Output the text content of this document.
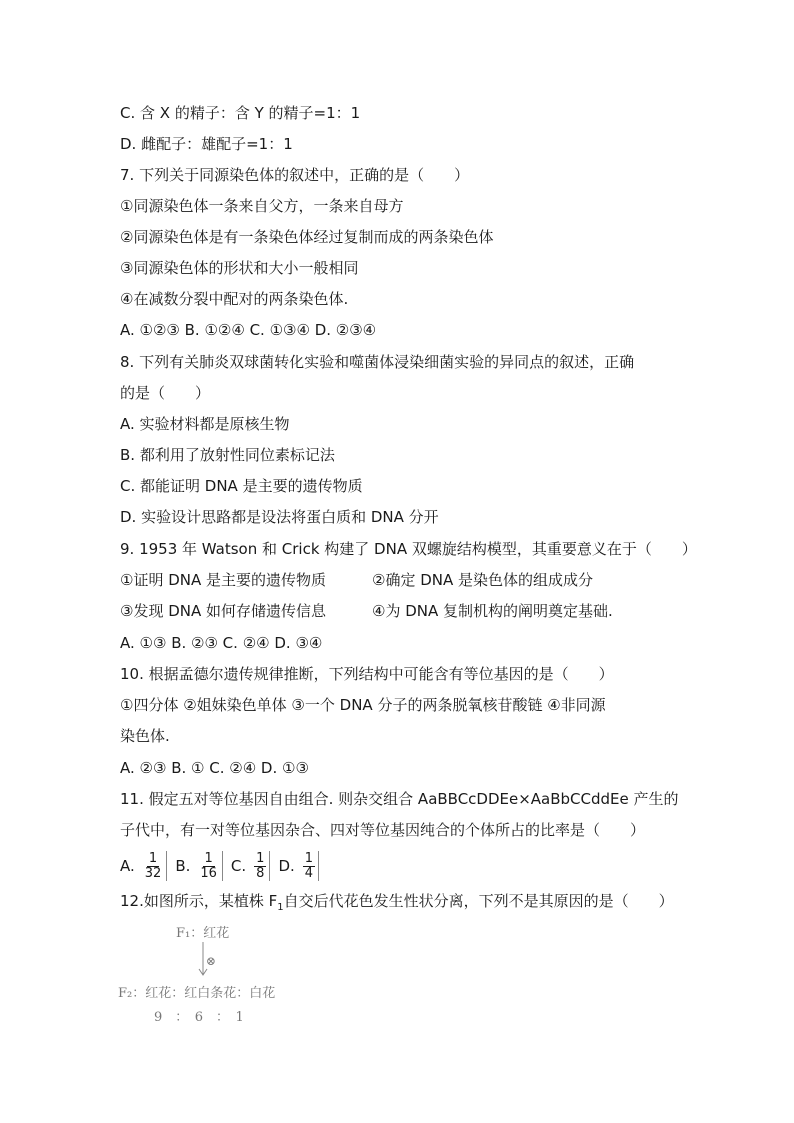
C. 含 X 的精子：含 Y 的精子=1：1
D. 雌配子：雄配子=1：1
7. 下列关于同源染色体的叙述中，正确的是（　　）
①同源染色体一条来自父方，一条来自母方
②同源染色体是有一条染色体经过复制而成的两条染色体
③同源染色体的形状和大小一般相同
④在减数分裂中配对的两条染色体.
A. ①②③ B. ①②④ C. ①③④ D. ②③④
8. 下列有关肺炎双球菌转化实验和噬菌体浸染细菌实验的异同点的叙述，正确
的是（　　）
A. 实验材料都是原核生物
B. 都利用了放射性同位素标记法
C. 都能证明 DNA 是主要的遗传物质
D. 实验设计思路都是设法将蛋白质和 DNA 分开
9. 1953 年 Watson 和 Crick 构建了 DNA 双螺旋结构模型，其重要意义在于（　　）
A. ①③ B. ②③ C. ②④ D. ③④
10. 根据孟德尔遗传规律推断，下列结构中可能含有等位基因的是（　　）
①四分体 ②姐妹染色单体 ③一个 DNA 分子的两条脱氧核苷酸链 ④非同源
染色体.
A. ②③ B. ① C. ②④ D. ①③
11. 假定五对等位基因自由组合. 则杂交组合 AaBBCcDDEe×AaBbCCddEe 产生的
子代中，有一对等位基因杂合、四对等位基因纯合的个体所占的比率是（　　）
①证明 DNA 是主要的遗传物质	②确定 DNA 是染色体的组成成分
③发现 DNA 如何存储遗传信息	④为 DNA 复制机构的阐明奠定基础.
A. $\frac{1}{32} B$. $\frac{1}{16} C$. $\frac{1}{8} D$. $\frac{1}{4}$
12.如图所示，某植株 $F_1$自交后代花色发生性状分离，下列不是其原因的是（　　）
F₁：红花
⊗
F₂：红花：红白条花：白花
9　：　6　：　1
